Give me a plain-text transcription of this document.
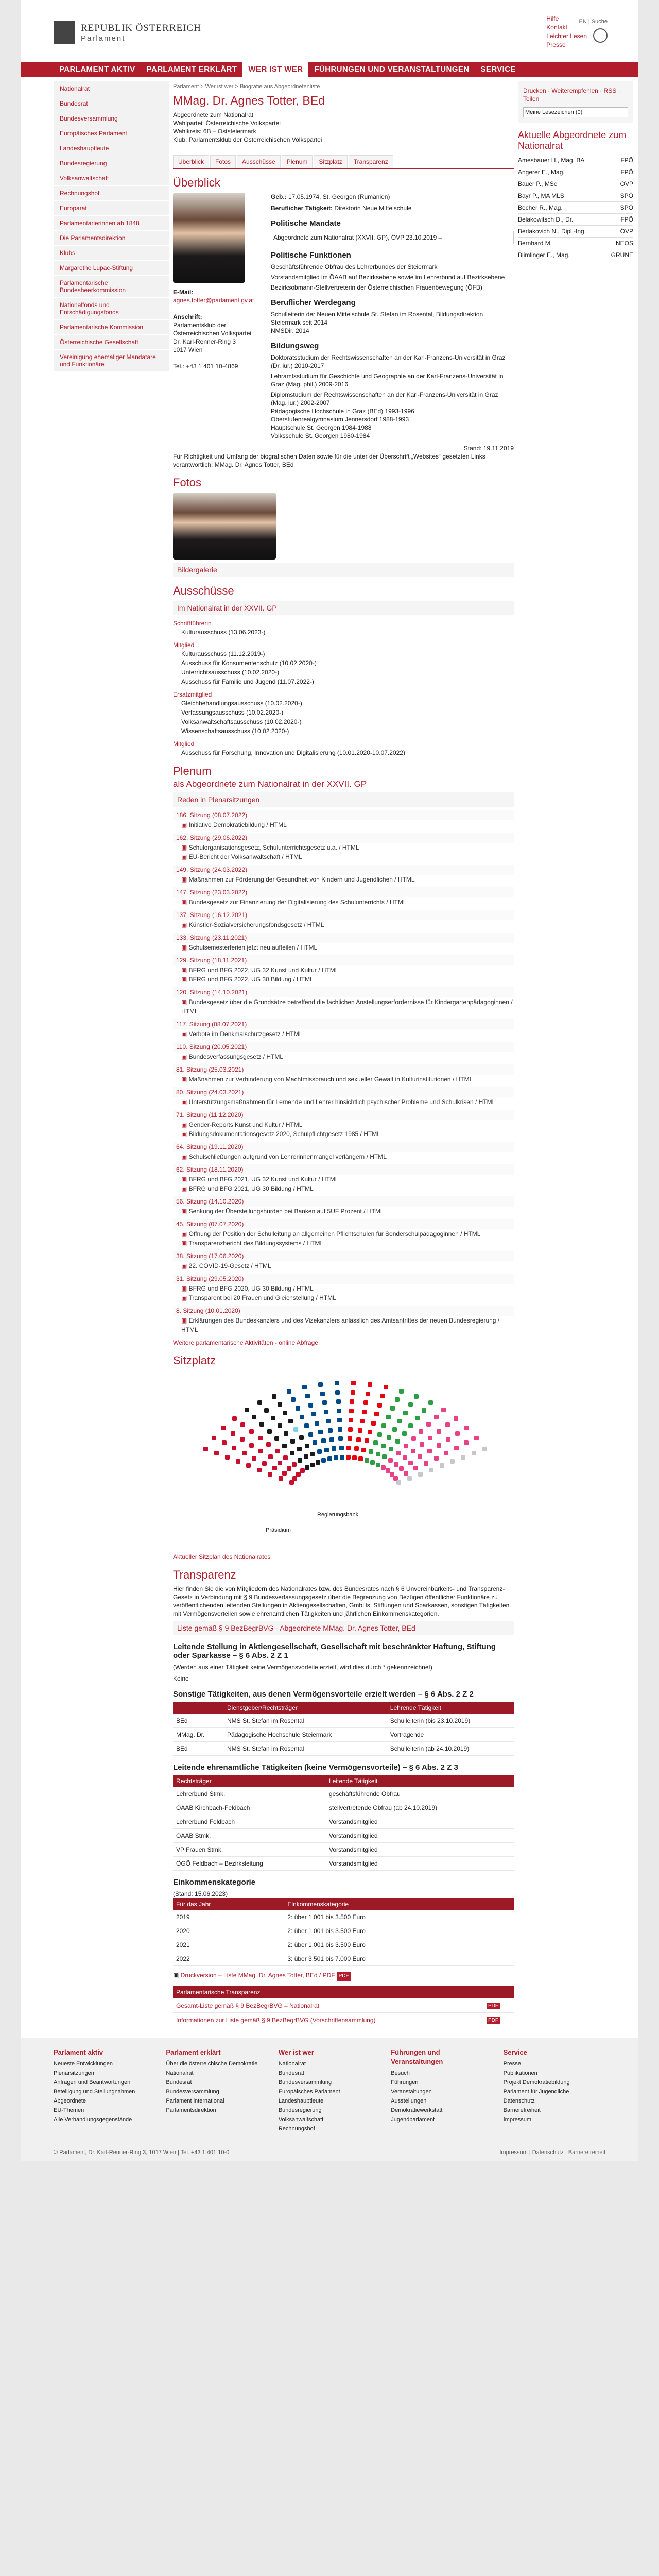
REPUBLIK ÖSTERREICH
Parlament
Hilfe
Kontakt
Leichter Lesen
Presse
EN | Suche
PARLAMENT AKTIV	PARLAMENT ERKLÄRT	WER IST WER	FÜHRUNGEN UND VERANSTALTUNGEN	SERVICE
Nationalrat
Bundesrat
Bundesversammlung
Europäisches Parlament
Landeshauptleute
Bundesregierung
Volksanwaltschaft
Rechnungshof
Europarat
Parlamentarierinnen ab 1848
Die Parlamentsdirektion
Klubs
Margarethe Lupac-Stiftung
Parlamentarische Bundesheerkommission
Nationalfonds und Entschädigungsfonds
Parlamentarische Kommission
Österreichische Gesellschaft
Vereinigung ehemaliger Mandatare und Funktionäre
Parlament > Wer ist wer > Biografie aus Abgeordnetenliste
MMag. Dr. Agnes Totter, BEd
Abgeordnete zum Nationalrat
Wahlpartei: Österreichische Volkspartei
Wahlkreis: 6B – Oststeiermark
Klub: Parlamentsklub der Österreichischen Volkspartei
Überblick	Fotos	Ausschüsse	Plenum	Sitzplatz	Transparenz
Überblick
E-Mail:
agnes.totter@parlament.gv.at

Anschrift:
Parlamentsklub der
Österreichischen Volkspartei
Dr. Karl-Renner-Ring 3
1017 Wien

Tel.: +43 1 401 10-4869
Geb.: 17.05.1974, St. Georgen (Rumänien)
Beruflicher Tätigkeit: Direktorin Neue Mittelschule
Politische Mandate
Abgeordnete zum Nationalrat (XXVII. GP), ÖVP 23.10.2019 –
Politische Funktionen
Geschäftsführende Obfrau des Lehrerbundes der Steiermark
Vorstandsmitglied im ÖAAB auf Bezirksebene sowie im Lehrerbund auf Bezirksebene
Bezirksobmann-Stellvertreterin der Österreichischen Frauenbewegung (ÖFB)
Beruflicher Werdegang
Schulleiterin der Neuen Mittelschule St. Stefan im Rosental, Bildungsdirektion Steiermark seit 2014
NMSDir. 2014
Bildungsweg
Doktoratsstudium der Rechtswissenschaften an der Karl-Franzens-Universität in Graz (Dr. iur.) 2010-2017
Lehramtsstudium für Geschichte und Geographie an der Karl-Franzens-Universität in Graz (Mag. phil.) 2009-2016
Diplomstudium der Rechtswissenschaften an der Karl-Franzens-Universität in Graz (Mag. iur.) 2002-2007
Pädagogische Hochschule in Graz (BEd) 1993-1996
Oberstufenrealgymnasium Jennersdorf 1988-1993
Hauptschule St. Georgen 1984-1988
Volksschule St. Georgen 1980-1984
Stand: 19.11.2019
Für Richtigkeit und Umfang der biografischen Daten sowie für die unter der Überschrift „Websites“ gesetzten Links verantwortlich: MMag. Dr. Agnes Totter, BEd
Fotos
Bildergalerie
Ausschüsse
Im Nationalrat in der XXVII. GP
Schriftführerin
Kulturausschuss (13.06.2023-)
Mitglied
Kulturausschuss (11.12.2019-)
Ausschuss für Konsumentenschutz (10.02.2020-)
Unterrichtsausschuss (10.02.2020-)
Ausschuss für Familie und Jugend (11.07.2022-)
Ersatzmitglied
Gleichbehandlungsausschuss (10.02.2020-)
Verfassungsausschuss (10.02.2020-)
Volksanwaltschaftsausschuss (10.02.2020-)
Wissenschaftsausschuss (10.02.2020-)
Mitglied
Ausschuss für Forschung, Innovation und Digitalisierung (10.01.2020-10.07.2022)
Plenum
als Abgeordnete zum Nationalrat in der XXVII. GP
Reden in Plenarsitzungen
186. Sitzung (08.07.2022)
▣ Initiative Demokratiebildung / HTML
162. Sitzung (29.06.2022)
▣ Schulorganisationsgesetz, Schulunterrichtsgesetz u.a. / HTML
▣ EU-Bericht der Volksanwaltschaft / HTML
149. Sitzung (24.03.2022)
▣ Maßnahmen zur Förderung der Gesundheit von Kindern und Jugendlichen / HTML
147. Sitzung (23.03.2022)
▣ Bundesgesetz zur Finanzierung der Digitalisierung des Schulunterrichts / HTML
137. Sitzung (16.12.2021)
▣ Künstler-Sozialversicherungsfondsgesetz / HTML
133. Sitzung (23.11.2021)
▣ Schulsemesterferien jetzt neu aufteilen / HTML
129. Sitzung (18.11.2021)
▣ BFRG und BFG 2022, UG 32 Kunst und Kultur / HTML
▣ BFRG und BFG 2022, UG 30 Bildung / HTML
120. Sitzung (14.10.2021)
▣ Bundesgesetz über die Grundsätze betreffend die fachlichen Anstellungserfordernisse für Kindergartenpädagoginnen / HTML
117. Sitzung (08.07.2021)
▣ Verbote im Denkmalschutzgesetz / HTML
110. Sitzung (20.05.2021)
▣ Bundesverfassungsgesetz / HTML
81. Sitzung (25.03.2021)
▣ Maßnahmen zur Verhinderung von Machtmissbrauch und sexueller Gewalt in Kulturinstitutionen / HTML
80. Sitzung (24.03.2021)
▣ Unterstützungsmaßnahmen für Lernende und Lehrer hinsichtlich psychischer Probleme und Schulkrisen / HTML
71. Sitzung (11.12.2020)
▣ Gender-Reports Kunst und Kultur / HTML
▣ Bildungsdokumentationsgesetz 2020, Schulpflichtgesetz 1985 / HTML
64. Sitzung (19.11.2020)
▣ Schulschließungen aufgrund von Lehrerinnenmangel verlängern / HTML
62. Sitzung (18.11.2020)
▣ BFRG und BFG 2021, UG 32 Kunst und Kultur / HTML
▣ BFRG und BFG 2021, UG 30 Bildung / HTML
56. Sitzung (14.10.2020)
▣ Senkung der Überstellungshürden bei Banken auf 5UF Prozent / HTML
45. Sitzung (07.07.2020)
▣ Öffnung der Position der Schulleitung an allgemeinen Pflichtschulen für Sonderschulpädagoginnen / HTML
▣ Transparenzbericht des Bildungssystems / HTML
38. Sitzung (17.06.2020)
▣ 22. COVID-19-Gesetz / HTML
31. Sitzung (29.05.2020)
▣ BFRG und BFG 2020, UG 30 Bildung / HTML
▣ Transparent bei 20 Frauen und Gleichstellung / HTML
8. Sitzung (10.01.2020)
▣ Erklärungen des Bundeskanzlers und des Vizekanzlers anlässlich des Amtsantrittes der neuen Bundesregierung / HTML
Weitere parlamentarische Aktivitäten - online Abfrage
Sitzplatz
Regierungsbank
Präsidium
Aktueller Sitzplan des Nationalrates
Transparenz
Hier finden Sie die von Mitgliedern des Nationalrates bzw. des Bundesrates nach § 6 Unvereinbarkeits- und Transparenz-Gesetz in Verbindung mit § 9 Bundesverfassungsgesetz über die Begrenzung von Bezügen öffentlicher Funktionäre zu veröffentlichenden leitenden Stellungen in Aktiengesellschaften, GmbHs, Stiftungen und Sparkassen, sonstigen Tätigkeiten mit Vermögensvorteilen sowie ehrenamtlichen Tätigkeiten und jährlichen Einkommenskategorien.
Liste gemäß § 9 BezBegrBVG - Abgeordnete MMag. Dr. Agnes Totter, BEd
Leitende Stellung in Aktiengesellschaft, Gesellschaft mit beschränkter Haftung, Stiftung oder Sparkasse – § 6 Abs. 2 Z 1
(Werden aus einer Tätigkeit keine Vermögensvorteile erzielt, wird dies durch * gekennzeichnet)
Keine
Sonstige Tätigkeiten, aus denen Vermögensvorteile erzielt werden – § 6 Abs. 2 Z 2
	Dienstgeber/Rechtsträger	Lehrende Tätigkeit
BEd	NMS St. Stefan im Rosental	Schulleiterin (bis 23.10.2019)
MMag. Dr.	Pädagogische Hochschule Steiermark	Vortragende
BEd	NMS St. Stefan im Rosental	Schulleiterin (ab 24.10.2019)
Leitende ehrenamtliche Tätigkeiten (keine Vermögensvorteile) – § 6 Abs. 2 Z 3
Rechtsträger	Leitende Tätigkeit
Lehrerbund Stmk.	geschäftsführende Obfrau
ÖAAB Kirchbach-Feldbach	stellvertretende Obfrau (ab 24.10.2019)
Lehrerbund Feldbach	Vorstandsmitglied
ÖAAB Stmk.	Vorstandsmitglied
VP Frauen Stmk.	Vorstandsmitglied
ÖGÖ Feldbach – Bezirksleitung	Vorstandsmitglied
Einkommenskategorie
(Stand: 15.06.2023)
Für das Jahr	Einkommenskategorie
2019	2: über 1.001 bis 3.500 Euro
2020	2: über 1.001 bis 3.500 Euro
2021	2: über 1.001 bis 3.500 Euro
2022	3: über 3.501 bis 7.000 Euro
▣ Druckversion – Liste MMag. Dr. Agnes Totter, BEd / PDF PDF
Parlamentarische Transparenz	
Gesamt-Liste gemäß § 9 BezBegrBVG – Nationalrat	PDF
Informationen zur Liste gemäß § 9 BezBegrBVG (Vorschriftensammlung)	PDF
Drucken · Weiterempfehlen · RSS · Teilen
Meine Lesezeichen (0)
Aktuelle Abgeordnete zum Nationalrat
Amesbauer H., Mag. BA	FPÖ
Angerer E., Mag.	FPÖ
Bauer P., MSc	ÖVP
Bayr P., MA MLS	SPÖ
Becher R., Mag.	SPÖ
Belakowitsch D., Dr.	FPÖ
Berlakovich N., Dipl.-Ing.	ÖVP
Bernhard M.	NEOS
Blimlinger E., Mag.	GRÜNE
Parlament aktiv
Neueste Entwicklungen
Plenarsitzungen
Anfragen und Beantwortungen
Beteiligung und Stellungnahmen
Abgeordnete
EU-Themen
Alle Verhandlungsgegenstände
Parlament erklärt
Über die österreichische Demokratie
Nationalrat
Bundesrat
Bundesversammlung
Parlament international
Parlamentsdirektion
Wer ist wer
Nationalrat
Bundesrat
Bundesversammlung
Europäisches Parlament
Landeshauptleute
Bundesregierung
Volksanwaltschaft
Rechnungshof
Führungen und Veranstaltungen
Besuch
Führungen
Veranstaltungen
Ausstellungen
Demokratiewerkstatt
Jugendparlament
Service
Presse
Publikationen
Projekt Demokratiebildung
Parlament für Jugendliche
Datenschutz
Barrierefreiheit
Impressum
© Parlament, Dr. Karl-Renner-Ring 3, 1017 Wien | Tel. +43 1 401 10-0	Impressum | Datenschutz | Barrierefreiheit
